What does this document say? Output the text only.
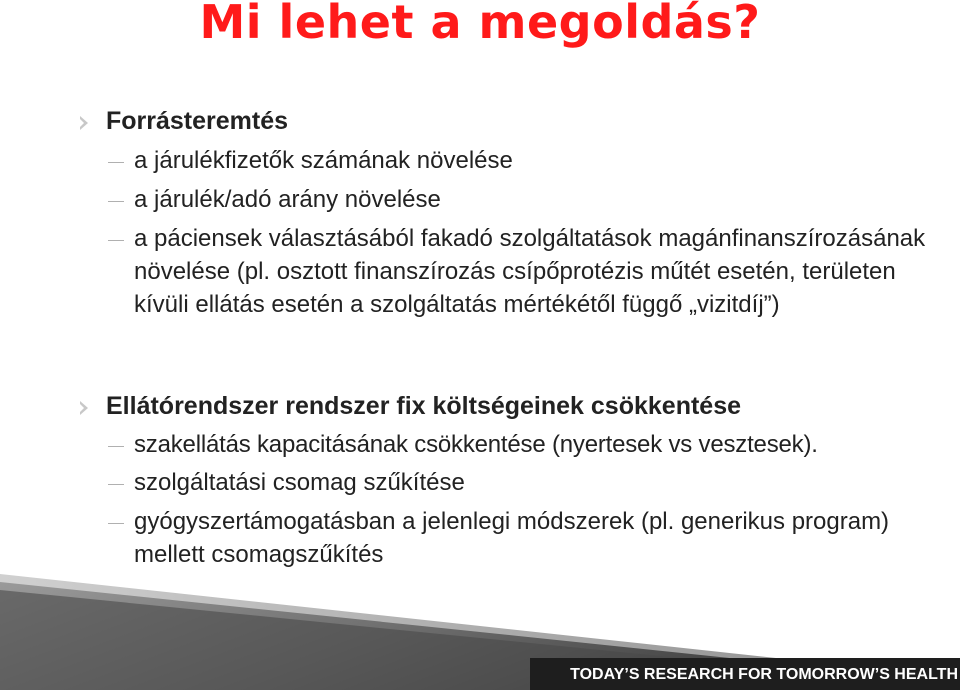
Mi lehet a megoldás?

Forrásteremtés

a járulékfizetők számának növelése

a járulék/adó arány növelése

a páciensek választásából fakadó szolgáltatások magánfinanszírozásának növelése (pl. osztott finanszírozás csípőprotézis műtét esetén, területen kívüli ellátás esetén a szolgáltatás mértékétől függő „vizitdíj”)

Ellátórendszer rendszer fix költségeinek csökkentése

szakellátás kapacitásának csökkentése (nyertesek vs vesztesek).

szolgáltatási csomag szűkítése

gyógyszertámogatásban a jelenlegi módszerek (pl. generikus program) mellett csomagszűkítés

TODAY’S RESEARCH FOR TOMORROW’S HEALTH
